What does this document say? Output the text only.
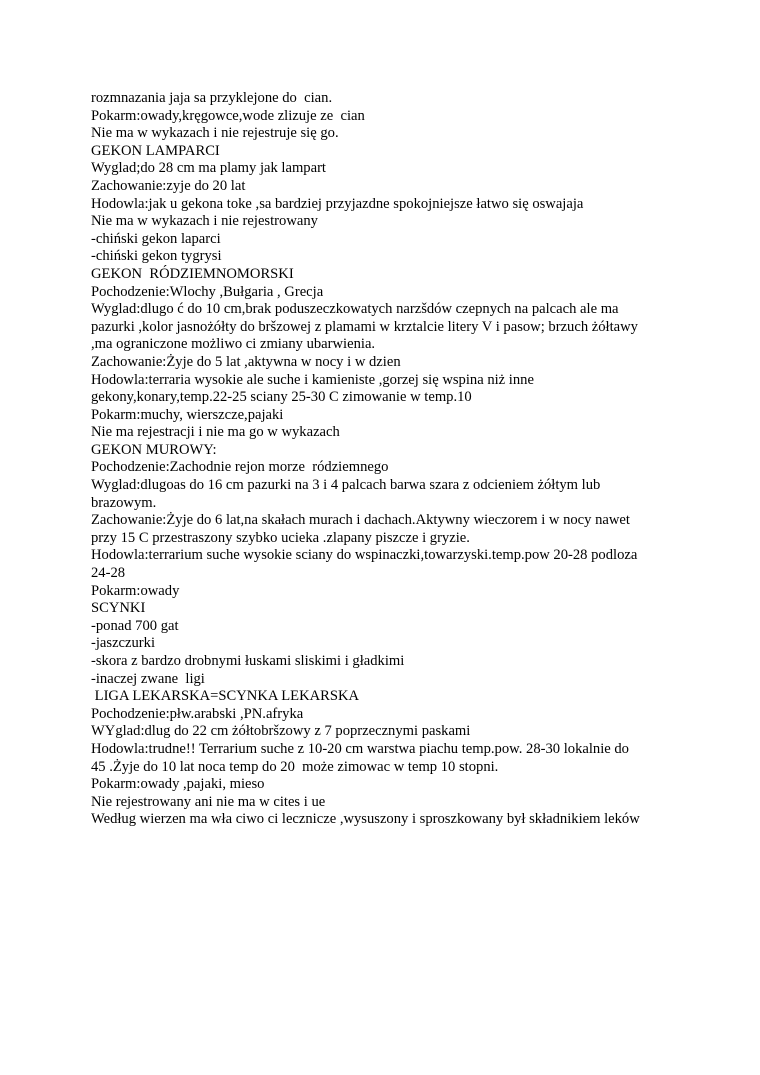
rozmnazania jaja sa przyklejone do  cian.
Pokarm:owady,kręgowce,wode zlizuje ze  cian
Nie ma w wykazach i nie rejestruje się go.
GEKON LAMPARCI
Wyglad;do 28 cm ma plamy jak lampart
Zachowanie:zyje do 20 lat
Hodowla:jak u gekona toke ,sa bardziej przyjazdne spokojniejsze łatwo się oswajaja
Nie ma w wykazach i nie rejestrowany
-chiński gekon laparci
-chiński gekon tygrysi
GEKON  RÓDZIEMNOMORSKI
Pochodzenie:Wlochy ,Bułgaria , Grecja
Wyglad:dlugo ć do 10 cm,brak poduszeczkowatych narzšdów czepnych na palcach ale ma
pazurki ,kolor jasnożółty do bršzowej z plamami w krztalcie litery V i pasow; brzuch żółtawy
,ma ograniczone możliwo ci zmiany ubarwienia.
Zachowanie:Żyje do 5 lat ,aktywna w nocy i w dzien
Hodowla:terraria wysokie ale suche i kamieniste ,gorzej się wspina niż inne
gekony,konary,temp.22-25 sciany 25-30 C zimowanie w temp.10
Pokarm:muchy, wierszcze,pajaki
Nie ma rejestracji i nie ma go w wykazach
GEKON MUROWY:
Pochodzenie:Zachodnie rejon morze  ródziemnego
Wyglad:dlugoas do 16 cm pazurki na 3 i 4 palcach barwa szara z odcieniem żółtym lub
brazowym.
Zachowanie:Żyje do 6 lat,na skałach murach i dachach.Aktywny wieczorem i w nocy nawet
przy 15 C przestraszony szybko ucieka .zlapany piszcze i gryzie.
Hodowla:terrarium suche wysokie sciany do wspinaczki,towarzyski.temp.pow 20-28 podloza
24-28
Pokarm:owady
SCYNKI
-ponad 700 gat
-jaszczurki
-skora z bardzo drobnymi łuskami sliskimi i gładkimi
-inaczej zwane  ligi
LIGA LEKARSKA=SCYNKA LEKARSKA
Pochodzenie:płw.arabski ,PN.afryka
WYglad:dlug do 22 cm żółtobršzowy z 7 poprzecznymi paskami
Hodowla:trudne!! Terrarium suche z 10-20 cm warstwa piachu temp.pow. 28-30 lokalnie do
45 .Żyje do 10 lat noca temp do 20  może zimowac w temp 10 stopni.
Pokarm:owady ,pajaki, mieso
Nie rejestrowany ani nie ma w cites i ue
Według wierzen ma wła ciwo ci lecznicze ,wysuszony i sproszkowany był składnikiem leków
